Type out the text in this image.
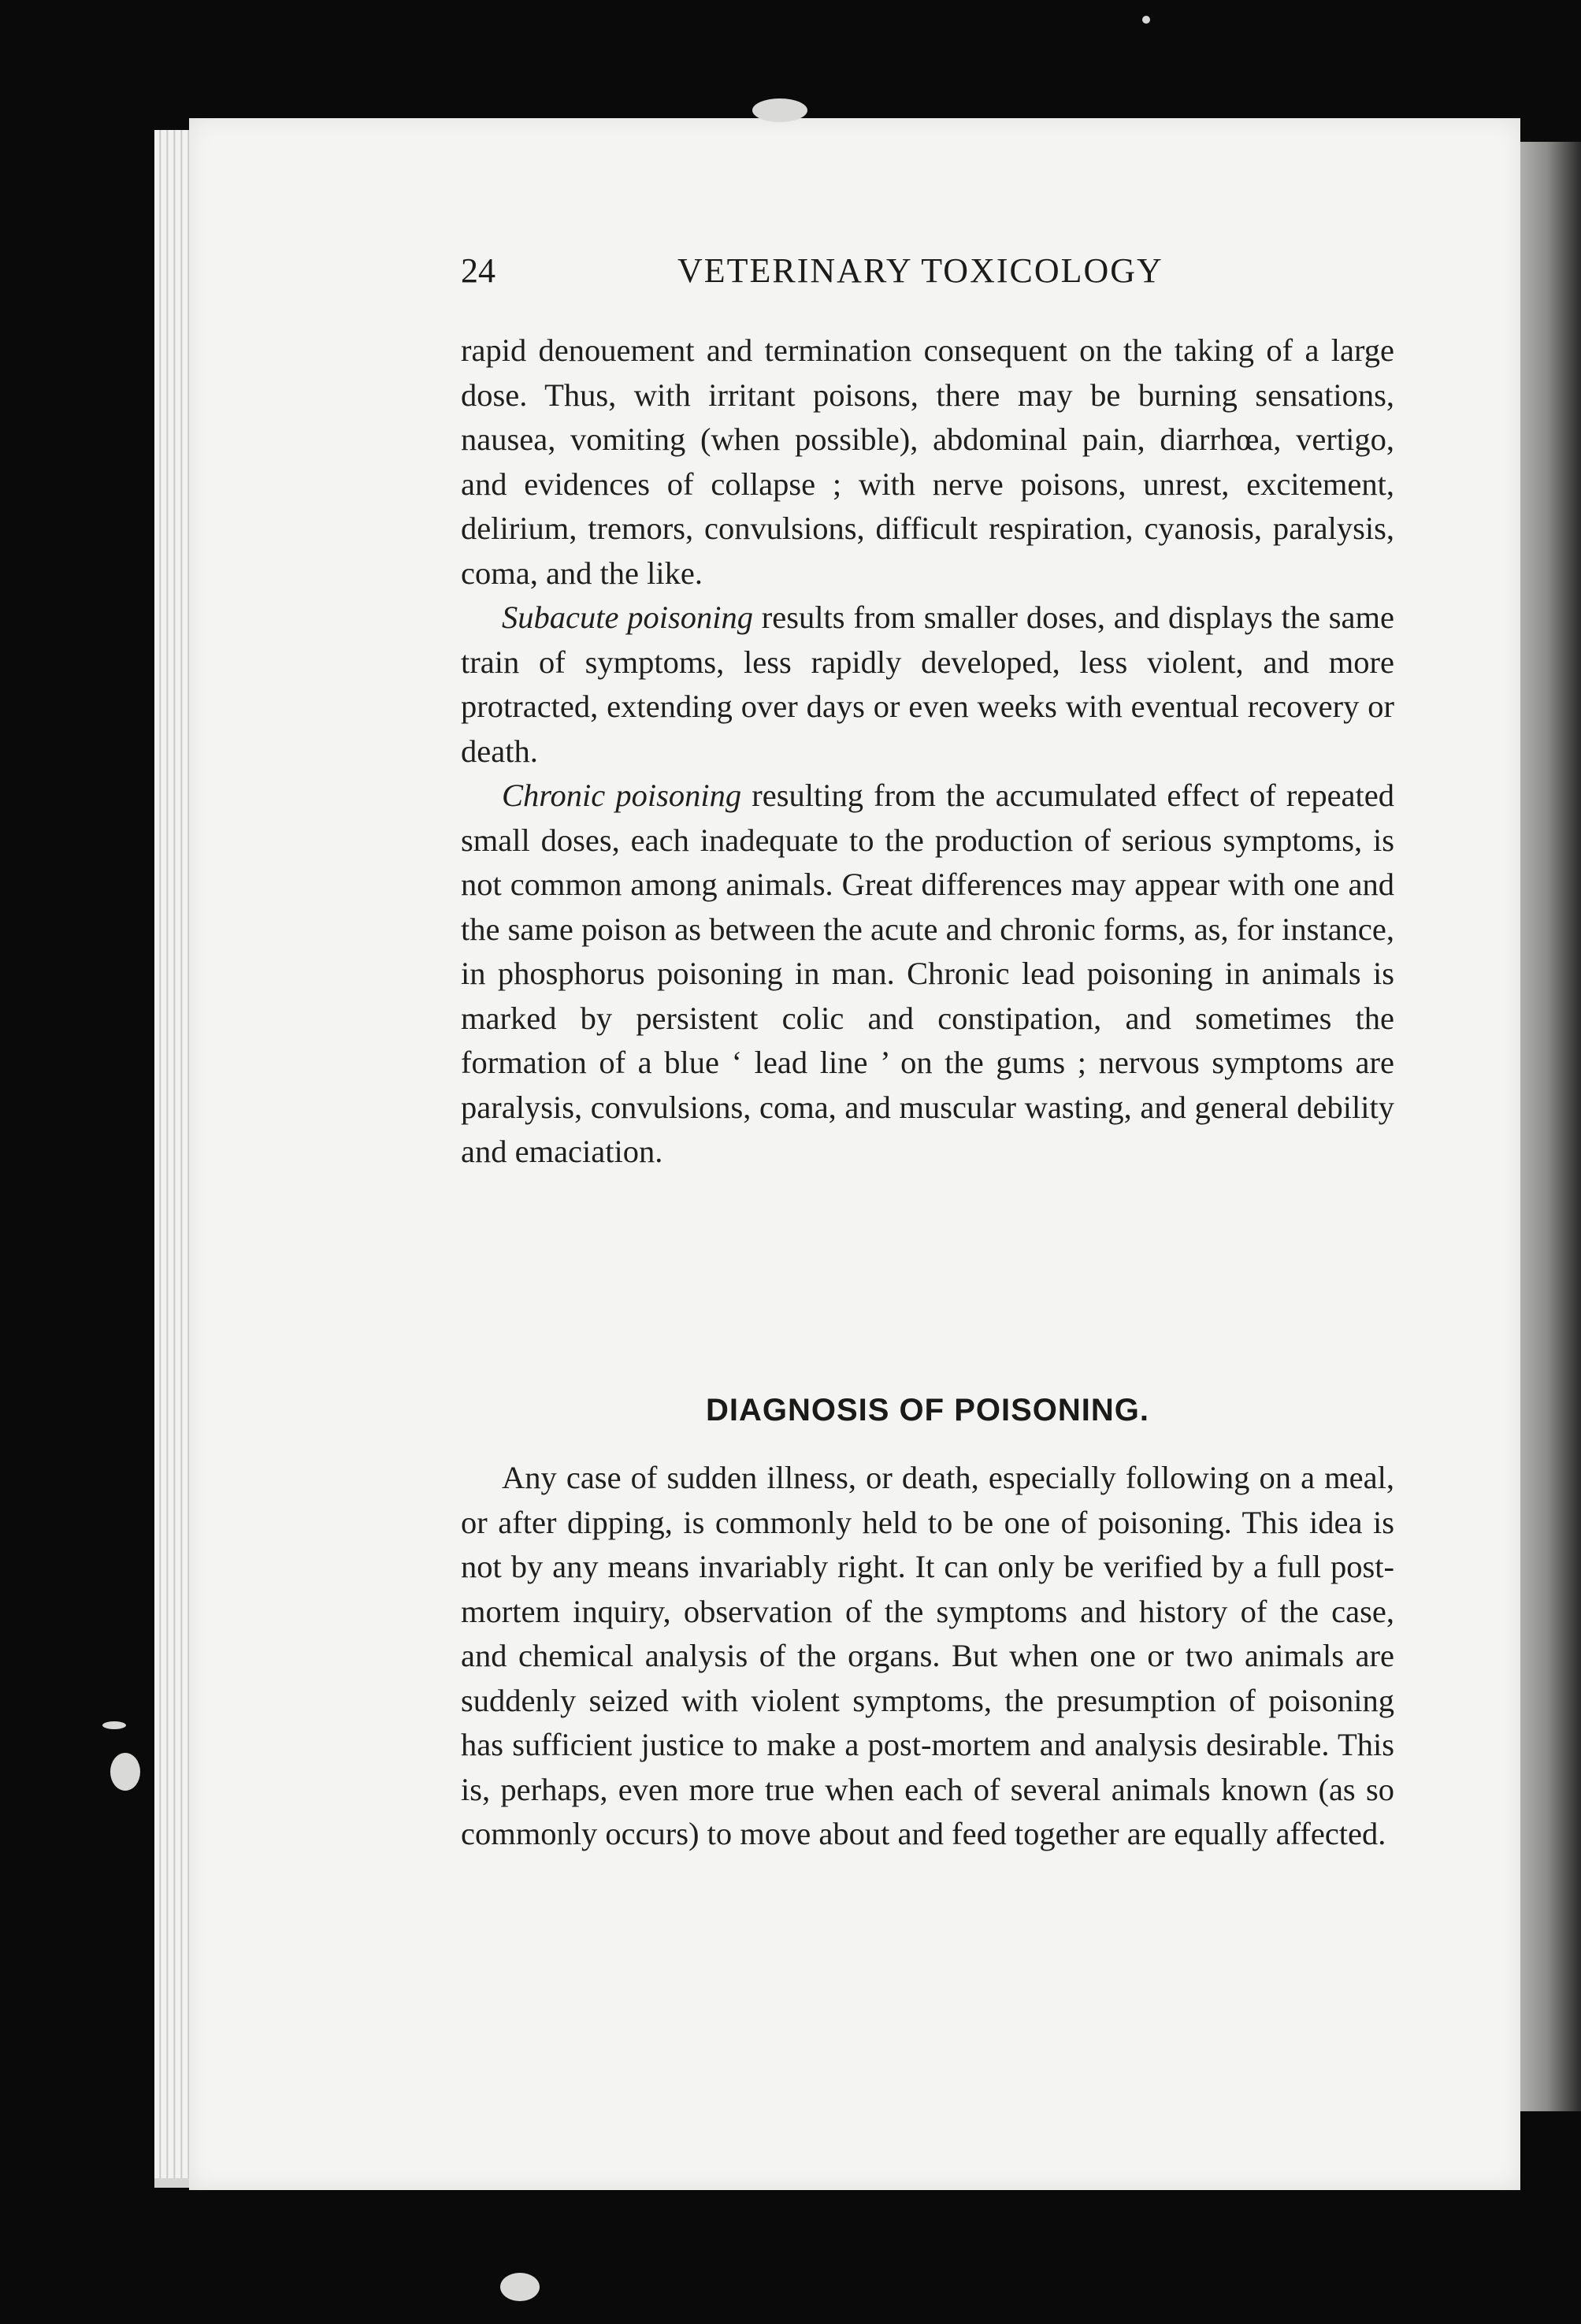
24	VETERINARY TOXICOLOGY

rapid denouement and termination consequent on the taking of a large dose. Thus, with irritant poisons, there may be burning sensations, nausea, vomiting (when possible), abdominal pain, diarrhœa, vertigo, and evidences of collapse ; with nerve poisons, unrest, excitement, delirium, tremors, convulsions, difficult respiration, cyanosis, paralysis, coma, and the like.

Subacute poisoning results from smaller doses, and displays the same train of symptoms, less rapidly developed, less violent, and more protracted, extending over days or even weeks with eventual recovery or death.

Chronic poisoning resulting from the accumulated effect of repeated small doses, each inadequate to the production of serious symptoms, is not common among animals. Great differences may appear with one and the same poison as between the acute and chronic forms, as, for instance, in phosphorus poisoning in man. Chronic lead poisoning in animals is marked by persistent colic and constipation, and sometimes the formation of a blue ‘ lead line ’ on the gums ; nervous symptoms are paralysis, convulsions, coma, and muscular wasting, and general debility and emaciation.

DIAGNOSIS OF POISONING.

Any case of sudden illness, or death, especially following on a meal, or after dipping, is commonly held to be one of poisoning. This idea is not by any means invariably right. It can only be verified by a full post-mortem inquiry, observation of the symptoms and history of the case, and chemical analysis of the organs. But when one or two animals are suddenly seized with violent symptoms, the presumption of poisoning has sufficient justice to make a post-mortem and analysis desirable. This is, perhaps, even more true when each of several animals known (as so commonly occurs) to move about and feed together are equally affected.
